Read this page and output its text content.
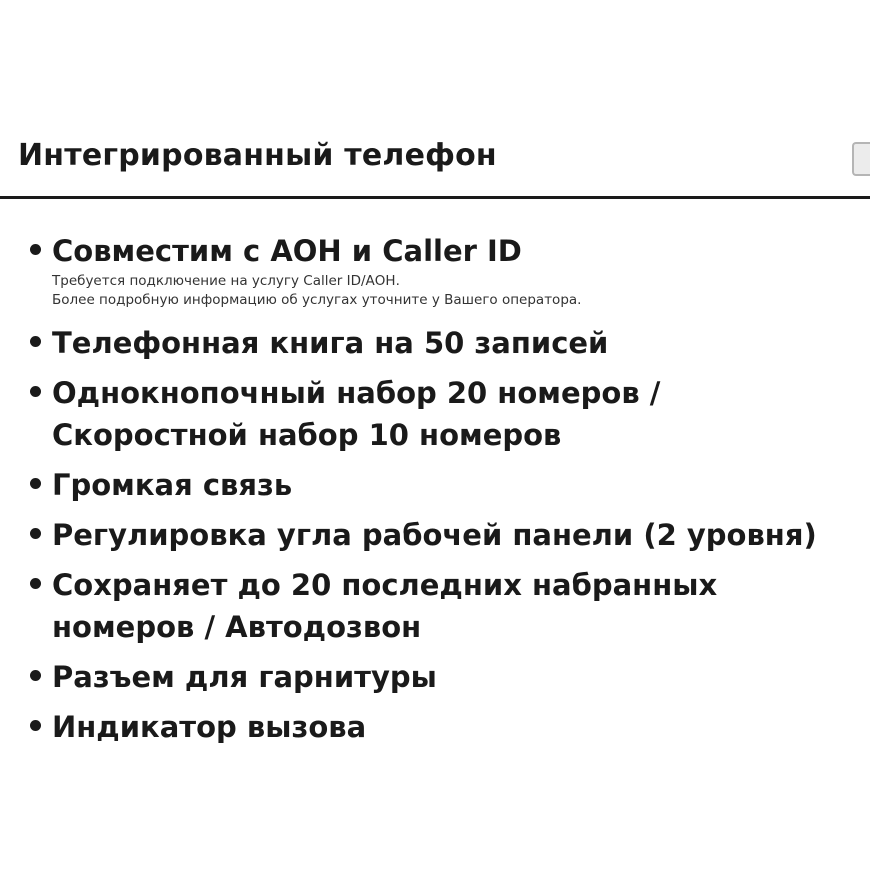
Интегрированный телефон
Совместим с АОН и Caller ID
Требуется подключение на услугу Caller ID/АОН.
Более подробную информацию об услугах уточните у Вашего оператора.
Телефонная книга на 50 записей
Однокнопочный набор 20 номеров /
Скоростной набор 10 номеров
Громкая связь
Регулировка угла рабочей панели (2 уровня)
Сохраняет до 20 последних набранных
номеров / Автодозвон
Разъем для гарнитуры
Индикатор вызова
